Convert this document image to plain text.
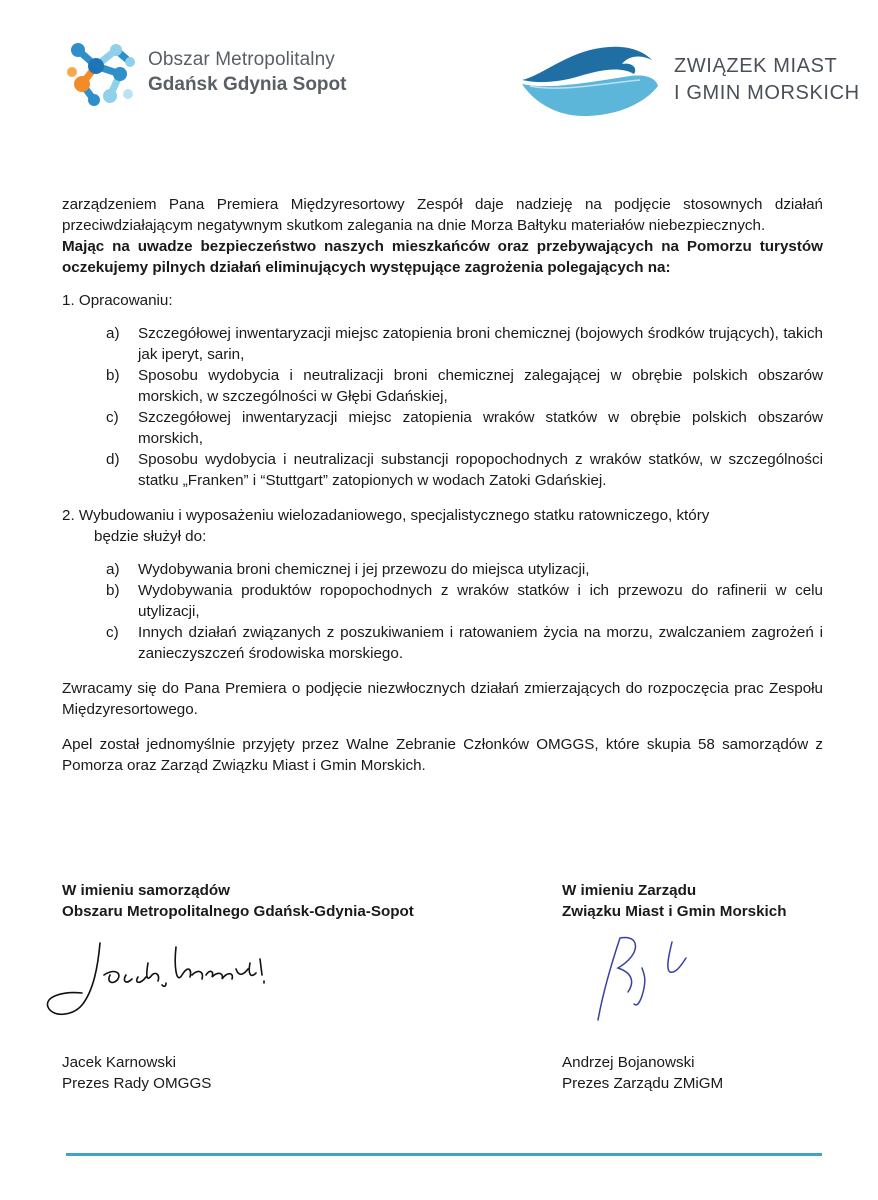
Obszar Metropolitalny
Gdańsk Gdynia Sopot
ZWIĄZEK MIAST
I GMIN MORSKICH

zarządzeniem Pana Premiera Międzyresortowy Zespół daje nadzieję na podjęcie stosownych działań przeciwdziałającym negatywnym skutkom zalegania na dnie Morza Bałtyku materiałów niebezpiecznych.

Mając na uwadze bezpieczeństwo naszych mieszkańców oraz przebywających na Pomorzu turystów oczekujemy pilnych działań eliminujących występujące zagrożenia polegających na:

1. Opracowaniu:

a) Szczegółowej inwentaryzacji miejsc zatopienia broni chemicznej (bojowych środków trujących), takich jak iperyt, sarin,
b) Sposobu wydobycia i neutralizacji broni chemicznej zalegającej w obrębie polskich obszarów morskich, w szczególności w Głębi Gdańskiej,
c) Szczegółowej inwentaryzacji miejsc zatopienia wraków statków w obrębie polskich obszarów morskich,
d) Sposobu wydobycia i neutralizacji substancji ropopochodnych z wraków statków, w szczególności statku „Franken” i “Stuttgart” zatopionych w wodach Zatoki Gdańskiej.

2. Wybudowaniu i wyposażeniu wielozadaniowego, specjalistycznego statku ratowniczego, który

będzie służył do:

a) Wydobywania broni chemicznej i jej przewozu do miejsca utylizacji,
b) Wydobywania produktów ropopochodnych z wraków statków i ich przewozu do rafinerii w celu utylizacji,
c) Innych działań związanych z poszukiwaniem i ratowaniem życia na morzu, zwalczaniem zagrożeń i zanieczyszczeń środowiska morskiego.

Zwracamy się do Pana Premiera o podjęcie niezwłocznych działań zmierzających do rozpoczęcia prac Zespołu Międzyresortowego.

Apel został jednomyślnie przyjęty przez Walne Zebranie Członków OMGGS, które skupia 58 samorządów z Pomorza oraz Zarząd Związku Miast i Gmin Morskich.

W imieniu samorządów
Obszaru Metropolitalnego Gdańsk-Gdynia-Sopot
W imieniu Zarządu
Związku Miast i Gmin Morskich
Jacek Karnowski
Prezes Rady OMGGS
Andrzej Bojanowski
Prezes Zarządu ZMiGM
